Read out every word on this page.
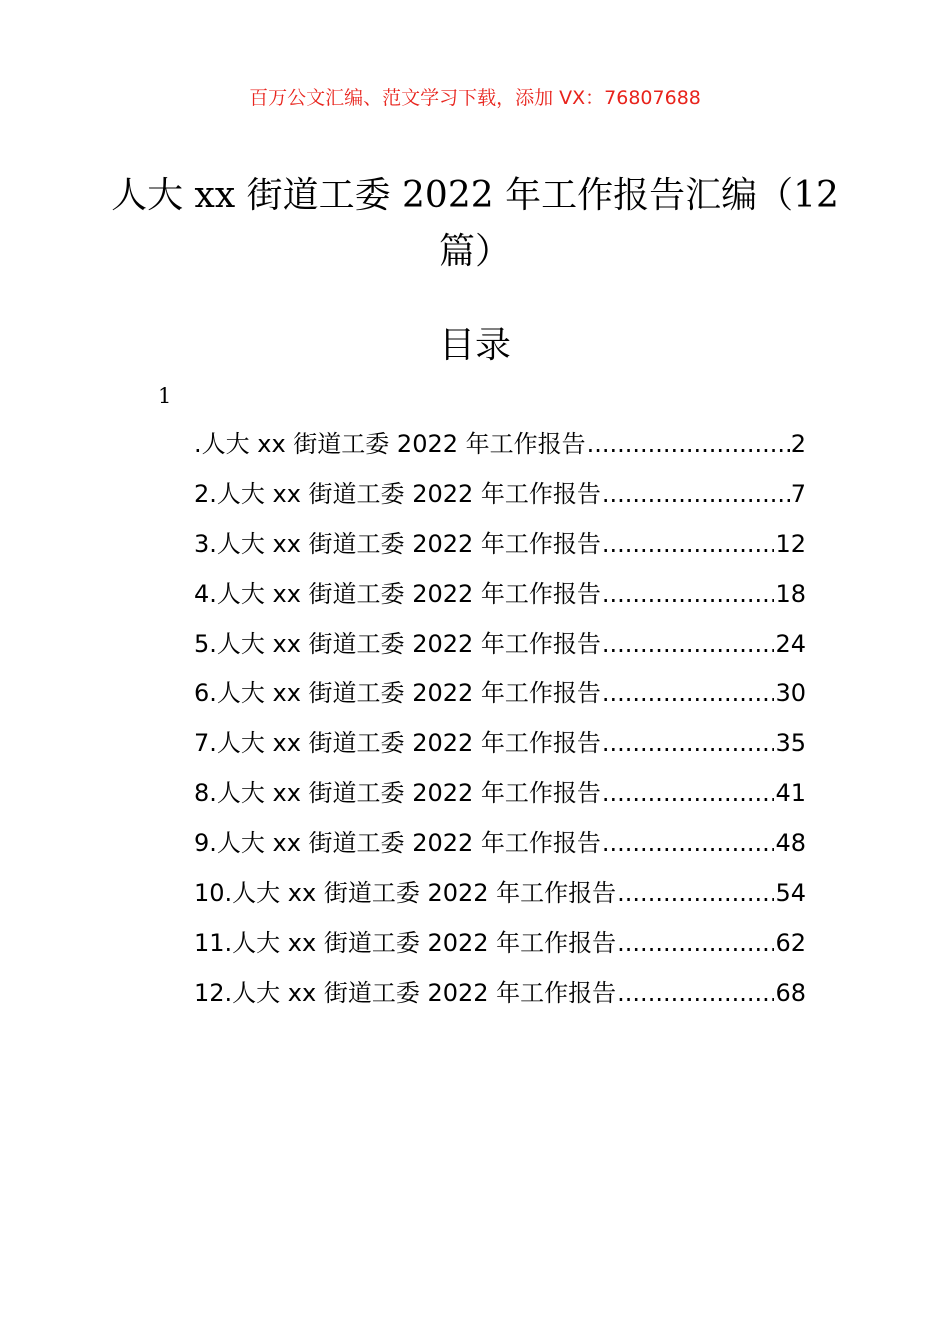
百万公文汇编、范文学习下载，添加 VX：76807688
人大 xx 街道工委 2022 年工作报告汇编（12 篇）
目录
1
.人大 xx 街道工委 2022 年工作报告 .....	2
2.人大 xx 街道工委 2022 年工作报告 .....	7
3.人大 xx 街道工委 2022 年工作报告 .....	12
4.人大 xx 街道工委 2022 年工作报告 .....	18
5.人大 xx 街道工委 2022 年工作报告 .....	24
6.人大 xx 街道工委 2022 年工作报告 .....	30
7.人大 xx 街道工委 2022 年工作报告 .....	35
8.人大 xx 街道工委 2022 年工作报告 .....	41
9.人大 xx 街道工委 2022 年工作报告 .....	48
10.人大 xx 街道工委 2022 年工作报告 .....	54
11.人大 xx 街道工委 2022 年工作报告 .....	62
12.人大 xx 街道工委 2022 年工作报告 .....	68
